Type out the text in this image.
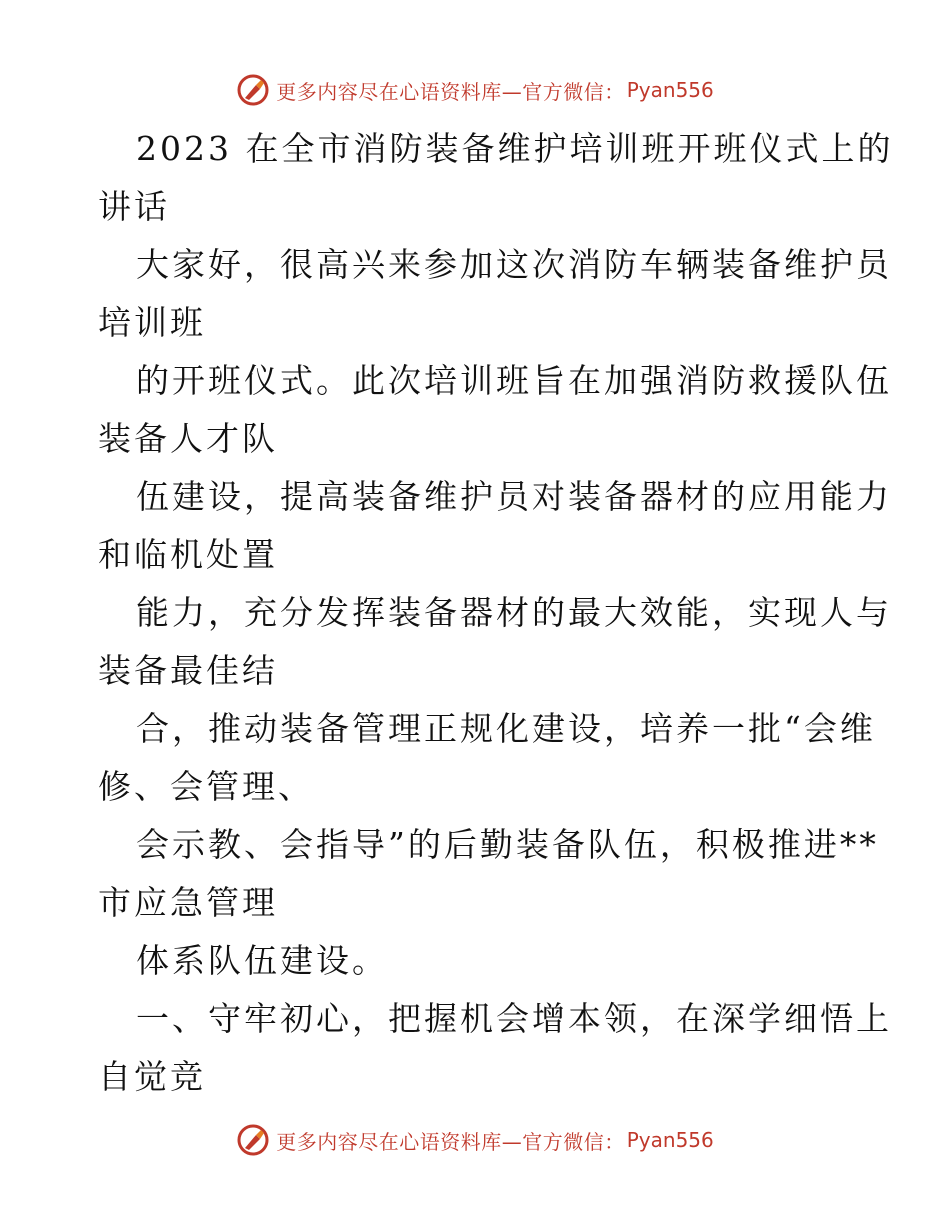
更多内容尽在心语资料库—官方微信： Pyan556
2023 在全市消防装备维护培训班开班仪式上的
讲话
大家好，很高兴来参加这次消防车辆装备维护员
培训班
的开班仪式。此次培训班旨在加强消防救援队伍
装备人才队
伍建设，提高装备维护员对装备器材的应用能力
和临机处置
能力，充分发挥装备器材的最大效能，实现人与
装备最佳结
合，推动装备管理正规化建设，培养一批“会维
修、会管理、
会示教、会指导”的后勤装备队伍，积极推进**
市应急管理
体系队伍建设。
一、守牢初心，把握机会增本领，在深学细悟上
自觉竞
更多内容尽在心语资料库—官方微信： Pyan556
